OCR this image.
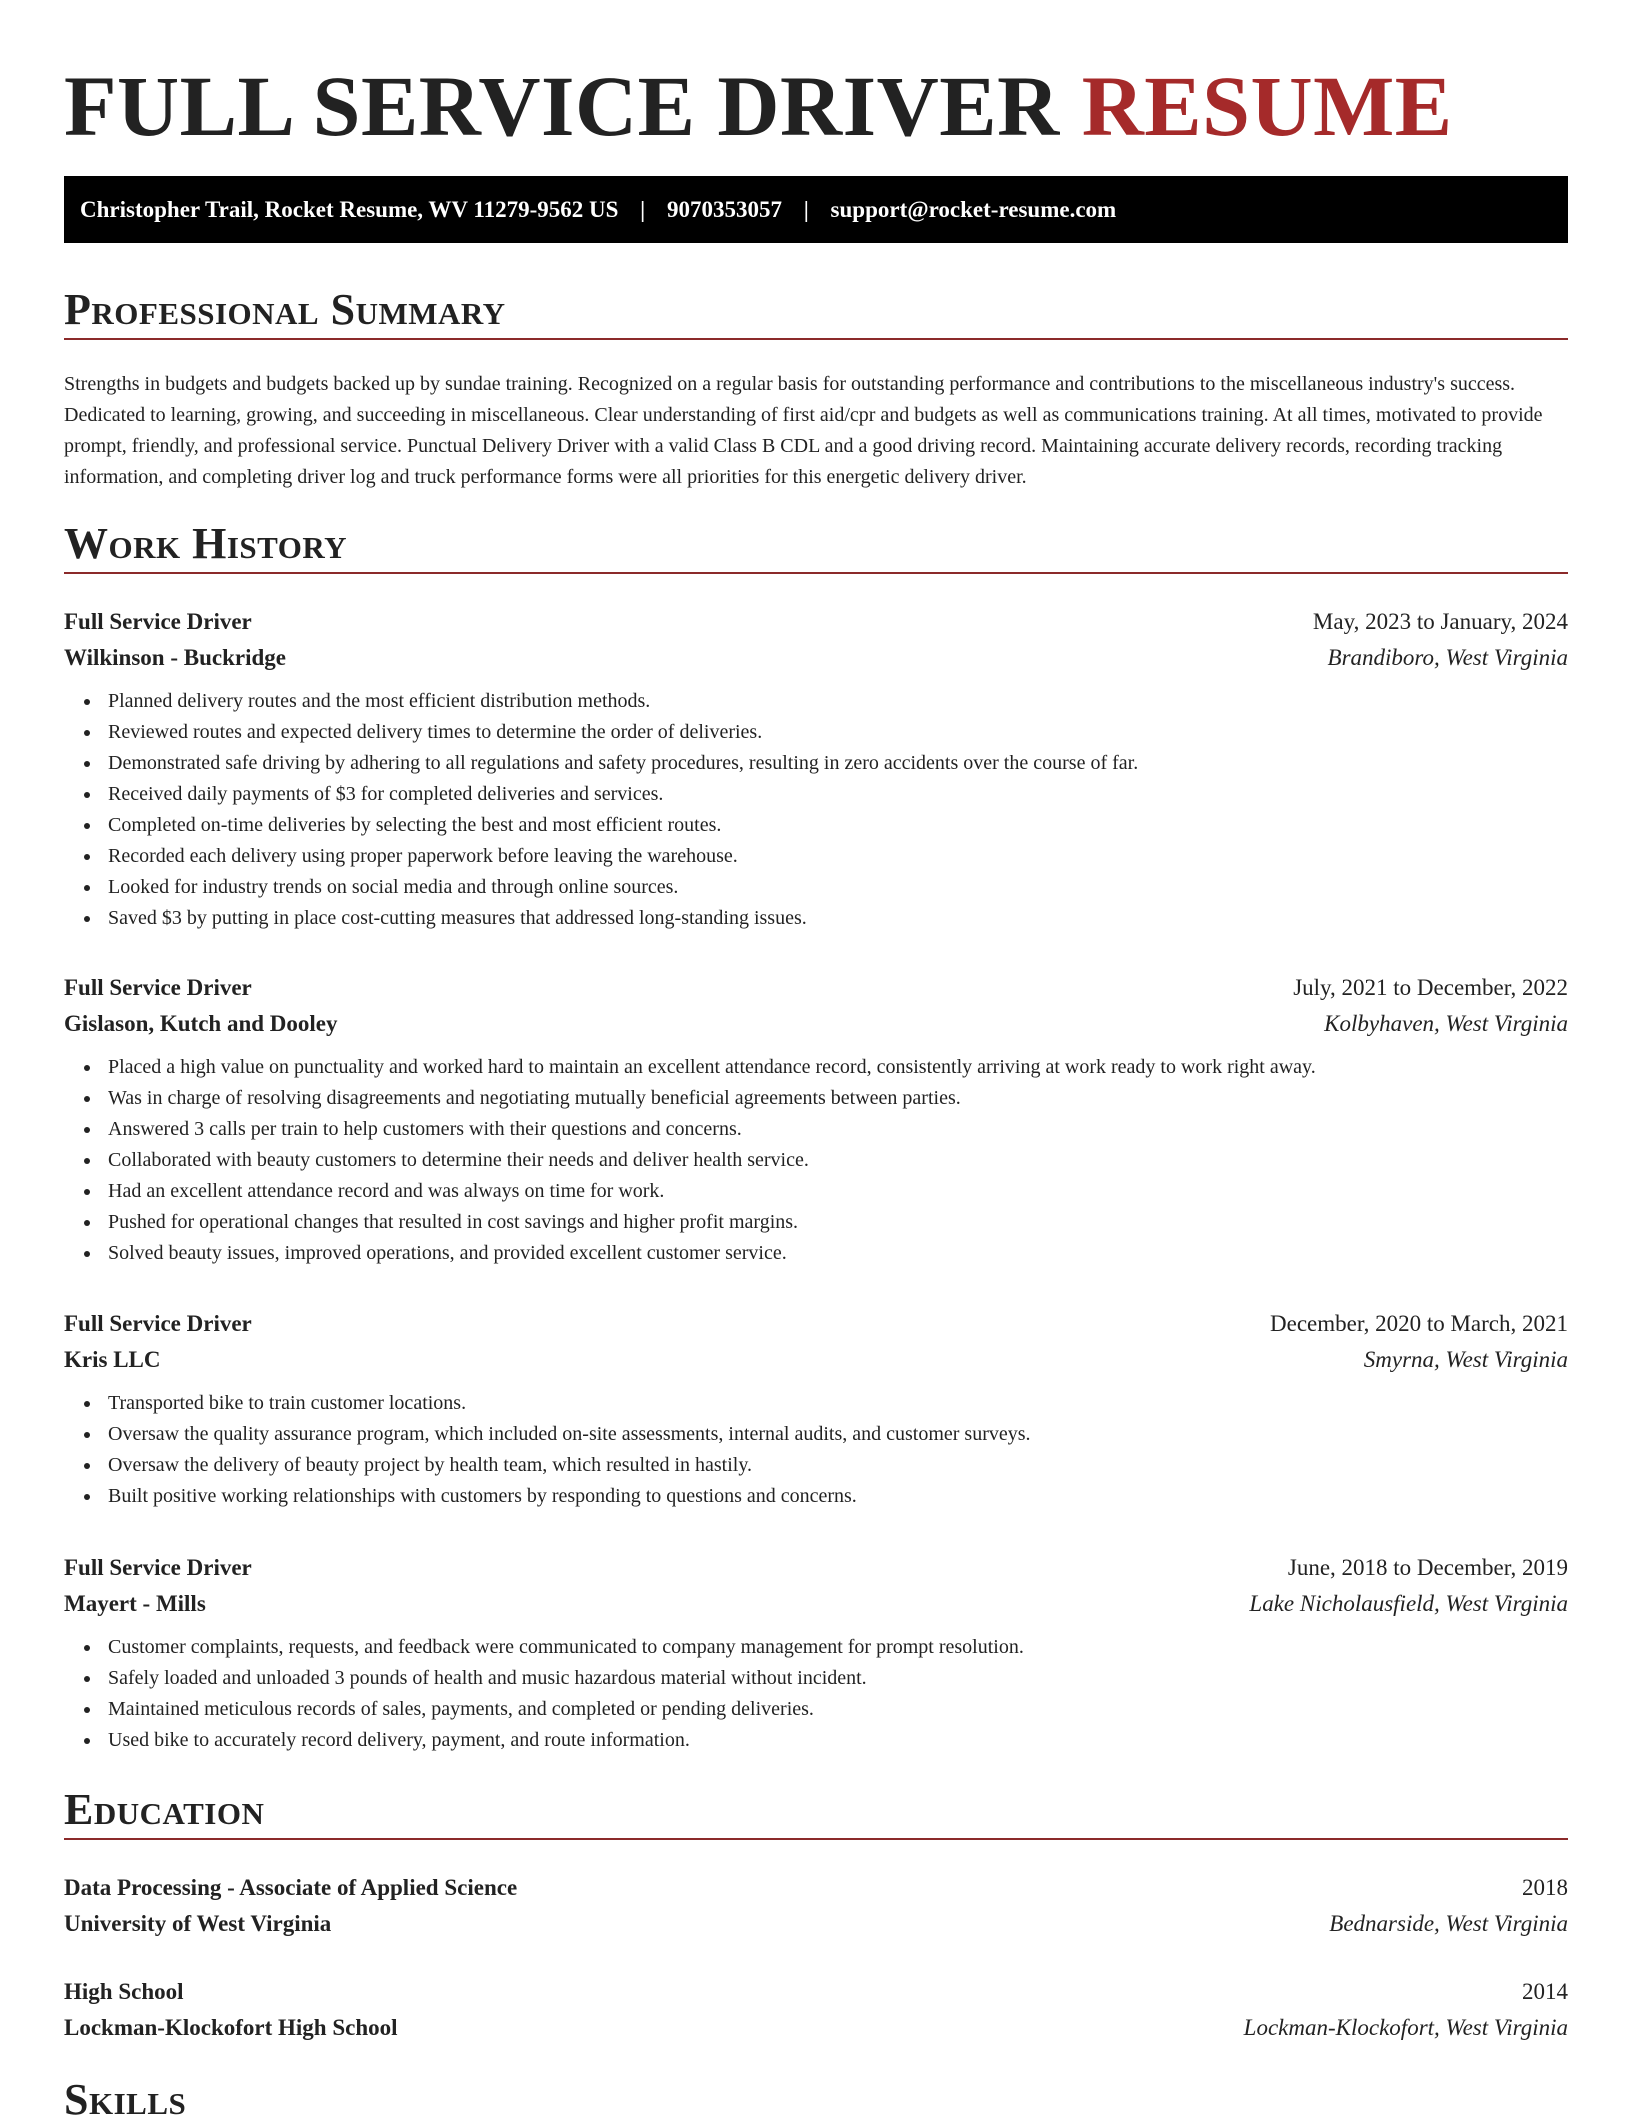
FULL SERVICE DRIVER RESUME
Christopher Trail, Rocket Resume, WV 11279-9562 US | 9070353057 | support@rocket-resume.com
Professional Summary

Strengths in budgets and budgets backed up by sundae training. Recognized on a regular basis for outstanding performance and contributions to the miscellaneous industry's success. Dedicated to learning, growing, and succeeding in miscellaneous. Clear understanding of first aid/cpr and budgets as well as communications training. At all times, motivated to provide prompt, friendly, and professional service. Punctual Delivery Driver with a valid Class B CDL and a good driving record. Maintaining accurate delivery records, recording tracking information, and completing driver log and truck performance forms were all priorities for this energetic delivery driver.

Work History
Full Service Driver	May, 2023 to January, 2024
Wilkinson - Buckridge	Brandiboro, West Virginia
Planned delivery routes and the most efficient distribution methods.
Reviewed routes and expected delivery times to determine the order of deliveries.
Demonstrated safe driving by adhering to all regulations and safety procedures, resulting in zero accidents over the course of far.
Received daily payments of $3 for completed deliveries and services.
Completed on-time deliveries by selecting the best and most efficient routes.
Recorded each delivery using proper paperwork before leaving the warehouse.
Looked for industry trends on social media and through online sources.
Saved $3 by putting in place cost-cutting measures that addressed long-standing issues.
Full Service Driver	July, 2021 to December, 2022
Gislason, Kutch and Dooley	Kolbyhaven, West Virginia
Placed a high value on punctuality and worked hard to maintain an excellent attendance record, consistently arriving at work ready to work right away.
Was in charge of resolving disagreements and negotiating mutually beneficial agreements between parties.
Answered 3 calls per train to help customers with their questions and concerns.
Collaborated with beauty customers to determine their needs and deliver health service.
Had an excellent attendance record and was always on time for work.
Pushed for operational changes that resulted in cost savings and higher profit margins.
Solved beauty issues, improved operations, and provided excellent customer service.
Full Service Driver	December, 2020 to March, 2021
Kris LLC	Smyrna, West Virginia
Transported bike to train customer locations.
Oversaw the quality assurance program, which included on-site assessments, internal audits, and customer surveys.
Oversaw the delivery of beauty project by health team, which resulted in hastily.
Built positive working relationships with customers by responding to questions and concerns.
Full Service Driver	June, 2018 to December, 2019
Mayert - Mills	Lake Nicholausfield, West Virginia
Customer complaints, requests, and feedback were communicated to company management for prompt resolution.
Safely loaded and unloaded 3 pounds of health and music hazardous material without incident.
Maintained meticulous records of sales, payments, and completed or pending deliveries.
Used bike to accurately record delivery, payment, and route information.
Education
Data Processing - Associate of Applied Science	2018
University of West Virginia	Bednarside, West Virginia
High School	2014
Lockman-Klockofort High School	Lockman-Klockofort, West Virginia
Skills
